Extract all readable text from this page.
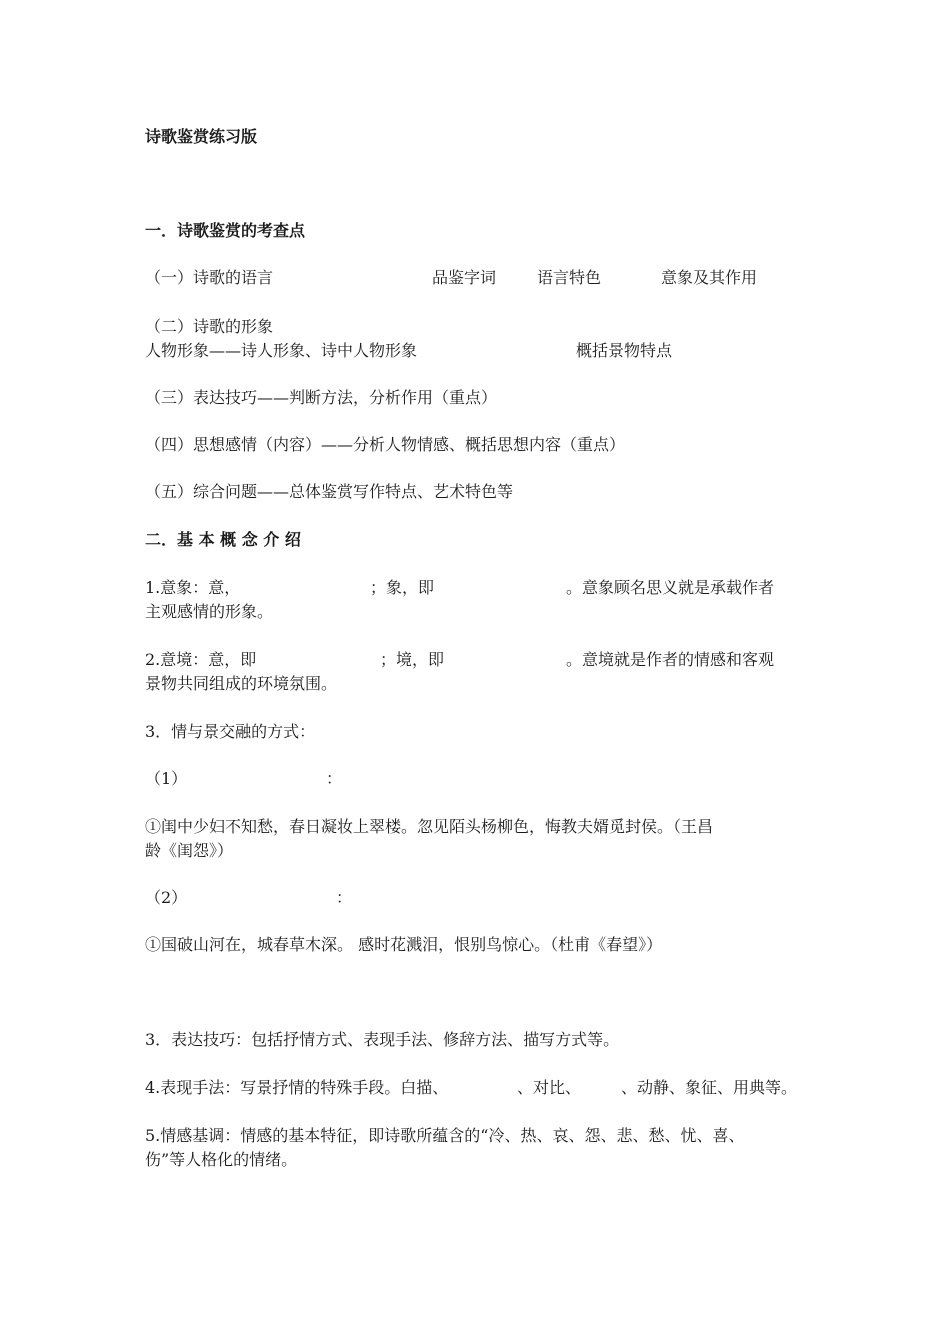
诗歌鉴赏练习版
一．诗歌鉴赏的考查点
（一）诗歌的语言	品鉴字词	语言特色	意象及其作用
（二）诗歌的形象
人物形象——诗人形象、诗中人物形象	概括景物特点
（三）表达技巧——判断方法，分析作用（重点）
（四）思想感情（内容）——分析人物情感、概括思想内容（重点）
（五）综合问题——总体鉴赏写作特点、艺术特色等
二．基 本 概 念 介 绍
1.意象：意，	；象，即	。意象顾名思义就是承载作者
主观感情的形象。
2.意境：意，即	；境，即	。意境就是作者的情感和客观
景物共同组成的环境氛围。
3．情与景交融的方式：
（1）	：
①闺中少妇不知愁，春日凝妆上翠楼。忽见陌头杨柳色，悔教夫婿觅封侯。（王昌
龄《闺怨》）
（2）	：
①国破山河在，城春草木深。 感时花溅泪，恨别鸟惊心。（杜甫《春望》）
3．表达技巧：包括抒情方式、表现手法、修辞方法、描写方式等。
4.表现手法：写景抒情的特殊手段。白描、	、对比、 、动静、象征、用典等。
5.情感基调：情感的基本特征，即诗歌所蕴含的“冷、热、哀、怨、悲、愁、忧、喜、
伤”等人格化的情绪。
